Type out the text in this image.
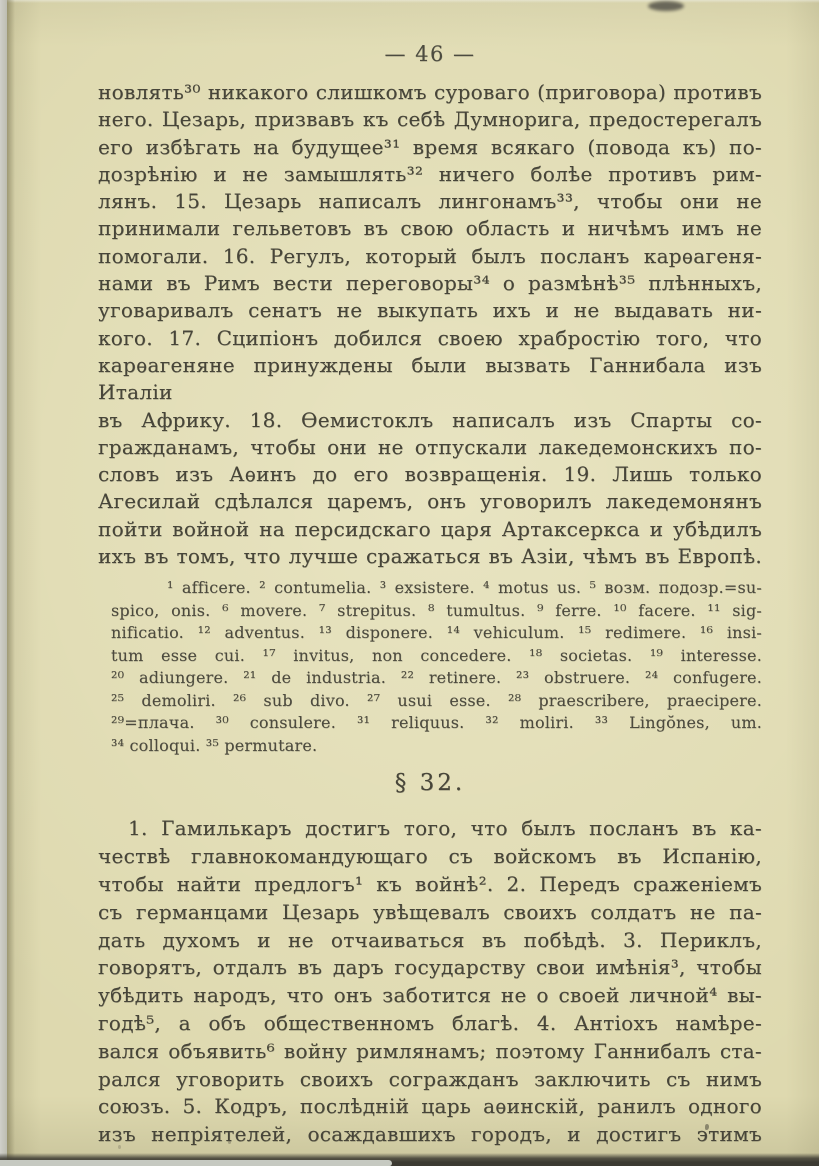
— 46 —
новлять³⁰ никакого слишкомъ суроваго (приговора) противъ
него. Цезарь, призвавъ къ себѣ Думнорига, предостерегалъ
его избѣгать на будущее³¹ время всякаго (повода къ) по-
дозрѣнію и не замышлять³² ничего болѣе противъ рим-
лянъ. 15. Цезарь написалъ лингонамъ³³, чтобы они не
принимали гельветовъ въ свою область и ничѣмъ имъ не
помогали. 16. Регулъ, который былъ посланъ карѳагеня-
нами въ Римъ вести переговоры³⁴ о размѣнѣ³⁵ плѣнныхъ,
уговаривалъ сенатъ не выкупать ихъ и не выдавать ни-
кого. 17. Сципіонъ добился своею храбростію того, что
карѳагеняне принуждены были вызвать Ганнибала изъ Италіи
въ Африку. 18. Ѳемистоклъ написалъ изъ Спарты со-
гражданамъ, чтобы они не отпускали лакедемонскихъ по-
словъ изъ Аѳинъ до его возвращенія. 19. Лишь только
Агесилай сдѣлался царемъ, онъ уговорилъ лакедемонянъ
пойти войной на персидскаго царя Артаксеркса и убѣдилъ
ихъ въ томъ, что лучше сражаться въ Азіи, чѣмъ въ Европѣ.
¹ afficere. ² contumelia. ³ exsistere. ⁴ motus us. ⁵ возм. подозр.=su-
spico, onis. ⁶ movere. ⁷ strepitus. ⁸ tumultus. ⁹ ferre. ¹⁰ facere. ¹¹ sig-
nificatio. ¹² adventus. ¹³ disponere. ¹⁴ vehiculum. ¹⁵ redimere. ¹⁶ insi-
tum esse cui. ¹⁷ invitus, non concedere. ¹⁸ societas. ¹⁹ interesse.
²⁰ adiungere. ²¹ de industria. ²² retinere. ²³ obstruere. ²⁴ confugere.
²⁵ demoliri. ²⁶ sub divo. ²⁷ usui esse. ²⁸ praescribere, praecipere.
²⁹=плача. ³⁰ consulere. ³¹ reliquus. ³² moliri. ³³ Lingŏnes, um.
³⁴ colloqui. ³⁵ permutare.
§ 32.
1. Гамилькаръ достигъ того, что былъ посланъ въ ка-
чествѣ главнокомандующаго съ войскомъ въ Испанію,
чтобы найти предлогъ¹ къ войнѣ². 2. Передъ сраженіемъ
съ германцами Цезарь увѣщевалъ своихъ солдатъ не па-
дать духомъ и не отчаиваться въ побѣдѣ. 3. Периклъ,
говорятъ, отдалъ въ даръ государству свои имѣнія³, чтобы
убѣдить народъ, что онъ заботится не о своей личной⁴ вы-
годѣ⁵, а объ общественномъ благѣ. 4. Антіохъ намѣре-
вался объявить⁶ войну римлянамъ; поэтому Ганнибалъ ста-
рался уговорить своихъ согражданъ заключить съ нимъ
союзъ. 5. Кодръ, послѣдній царь аѳинскій, ранилъ одного
изъ непріятелей, осаждавшихъ городъ, и достигъ этимъ
